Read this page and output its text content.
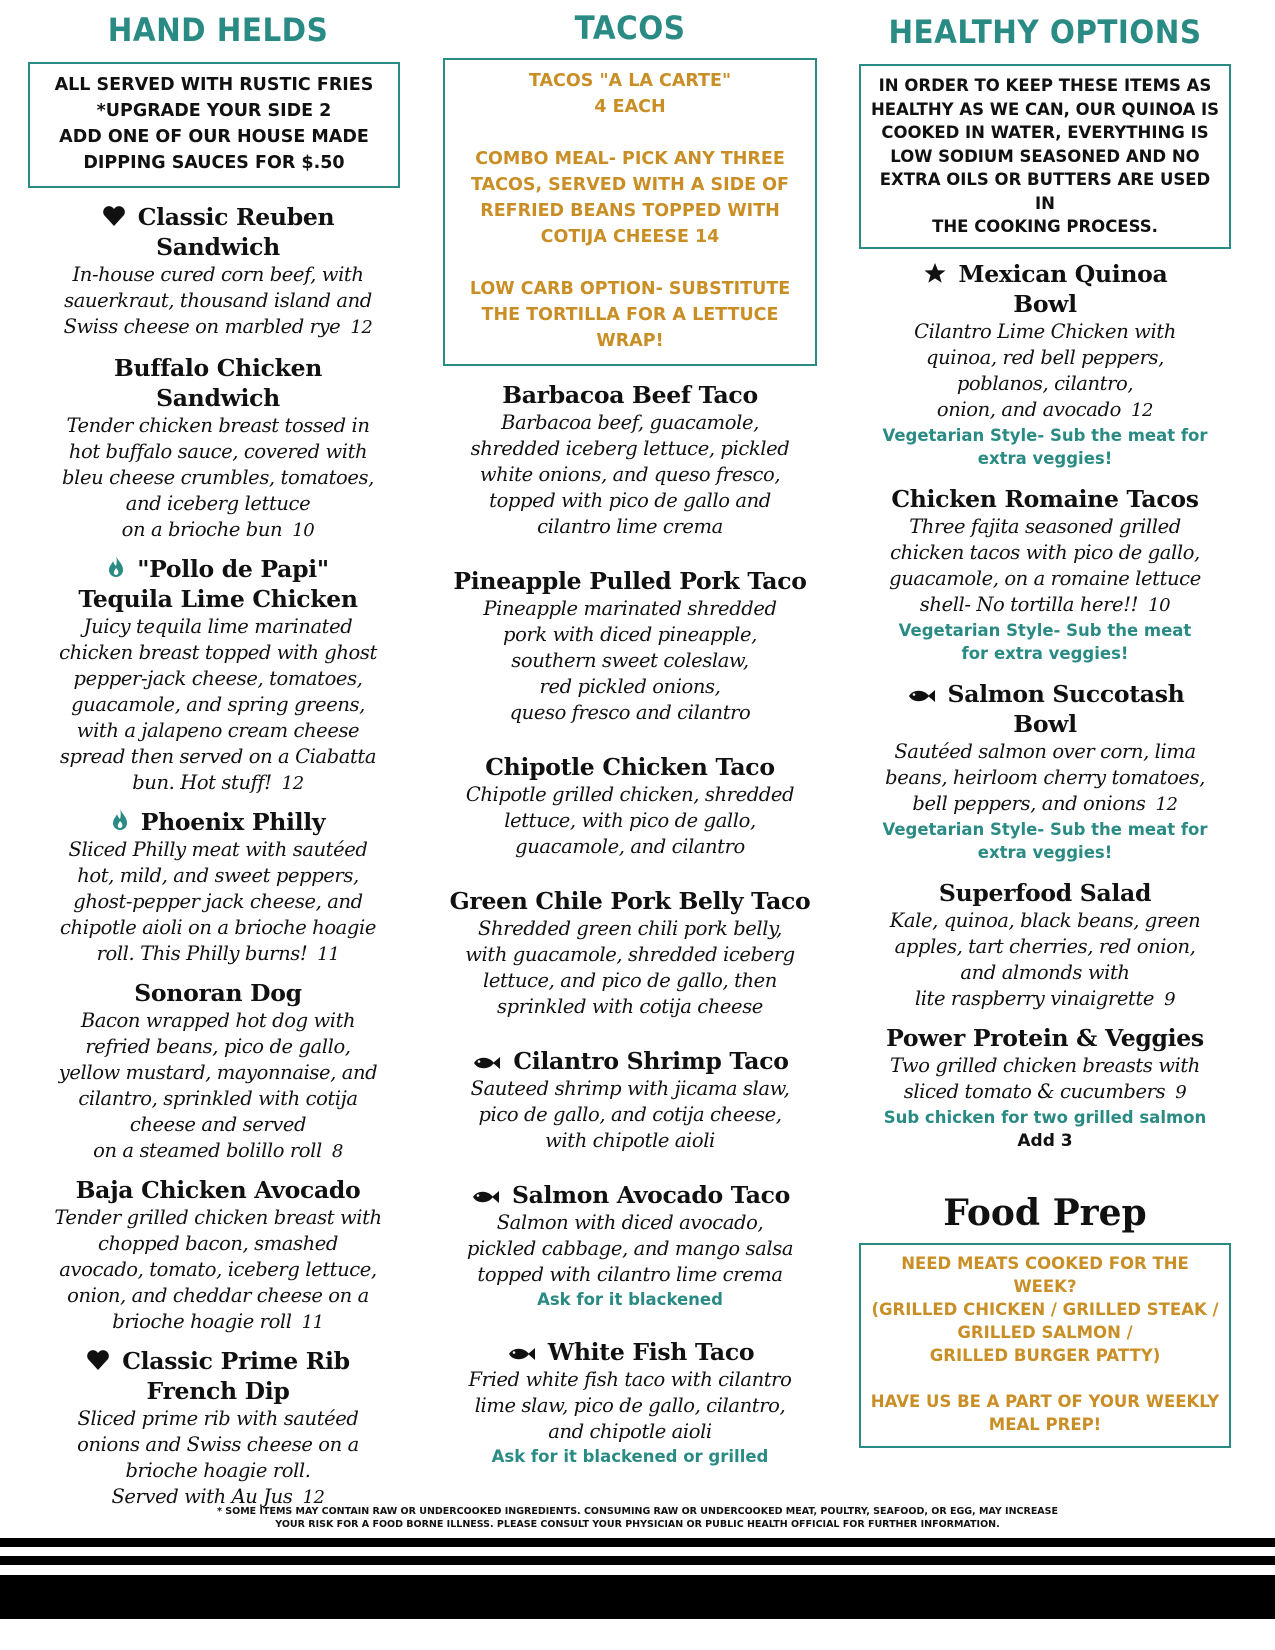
HAND HELDS
ALL SERVED WITH RUSTIC FRIES
*UPGRADE YOUR SIDE 2
ADD ONE OF OUR HOUSE MADE
DIPPING SAUCES FOR $.50
Classic Reuben
Sandwich
In-house cured corn beef, with
sauerkraut, thousand island and
Swiss cheese on marbled rye 12
Buffalo Chicken
Sandwich
Tender chicken breast tossed in
hot buffalo sauce, covered with
bleu cheese crumbles, tomatoes,
and iceberg lettuce
on a brioche bun 10
"Pollo de Papi"
Tequila Lime Chicken
Juicy tequila lime marinated
chicken breast topped with ghost
pepper-jack cheese, tomatoes,
guacamole, and spring greens,
with a jalapeno cream cheese
spread then served on a Ciabatta
bun. Hot stuff! 12
Phoenix Philly
Sliced Philly meat with sautéed
hot, mild, and sweet peppers,
ghost-pepper jack cheese, and
chipotle aioli on a brioche hoagie
roll. This Philly burns! 11
Sonoran Dog
Bacon wrapped hot dog with
refried beans, pico de gallo,
yellow mustard, mayonnaise, and
cilantro, sprinkled with cotija
cheese and served
on a steamed bolillo roll 8
Baja Chicken Avocado
Tender grilled chicken breast with
chopped bacon, smashed
avocado, tomato, iceberg lettuce,
onion, and cheddar cheese on a
brioche hoagie roll 11
Classic Prime Rib
French Dip
Sliced prime rib with sautéed
onions and Swiss cheese on a
brioche hoagie roll.
Served with Au Jus 12
TACOS

TACOS "A LA CARTE"
4 EACH

COMBO MEAL- PICK ANY THREE
TACOS, SERVED WITH A SIDE OF
REFRIED BEANS TOPPED WITH
COTIJA CHEESE 14

LOW CARB OPTION- SUBSTITUTE
THE TORTILLA FOR A LETTUCE
WRAP!

Barbacoa Beef Taco
Barbacoa beef, guacamole,
shredded iceberg lettuce, pickled
white onions, and queso fresco,
topped with pico de gallo and
cilantro lime crema
Pineapple Pulled Pork Taco
Pineapple marinated shredded
pork with diced pineapple,
southern sweet coleslaw,
red pickled onions,
queso fresco and cilantro
Chipotle Chicken Taco
Chipotle grilled chicken, shredded
lettuce, with pico de gallo,
guacamole, and cilantro
Green Chile Pork Belly Taco
Shredded green chili pork belly,
with guacamole, shredded iceberg
lettuce, and pico de gallo, then
sprinkled with cotija cheese
Cilantro Shrimp Taco
Sauteed shrimp with jicama slaw,
pico de gallo, and cotija cheese,
with chipotle aioli
Salmon Avocado Taco
Salmon with diced avocado,
pickled cabbage, and mango salsa
topped with cilantro lime crema
Ask for it blackened
White Fish Taco
Fried white fish taco with cilantro
lime slaw, pico de gallo, cilantro,
and chipotle aioli
Ask for it blackened or grilled
HEALTHY OPTIONS
IN ORDER TO KEEP THESE ITEMS AS
HEALTHY AS WE CAN, OUR QUINOA IS
COOKED IN WATER, EVERYTHING IS
LOW SODIUM SEASONED AND NO
EXTRA OILS OR BUTTERS ARE USED IN
THE COOKING PROCESS.
Mexican Quinoa
Bowl
Cilantro Lime Chicken with
quinoa, red bell peppers,
poblanos, cilantro,
onion, and avocado 12
Vegetarian Style- Sub the meat for
extra veggies!
Chicken Romaine Tacos
Three fajita seasoned grilled
chicken tacos with pico de gallo,
guacamole, on a romaine lettuce
shell- No tortilla here!! 10
Vegetarian Style- Sub the meat
for extra veggies!
Salmon Succotash
Bowl
Sautéed salmon over corn, lima
beans, heirloom cherry tomatoes,
bell peppers, and onions 12
Vegetarian Style- Sub the meat for
extra veggies!
Superfood Salad
Kale, quinoa, black beans, green
apples, tart cherries, red onion,
and almonds with
lite raspberry vinaigrette 9
Power Protein & Veggies
Two grilled chicken breasts with
sliced tomato & cucumbers 9
Sub chicken for two grilled salmon
Add 3
Food Prep

NEED MEATS COOKED FOR THE WEEK?
(GRILLED CHICKEN / GRILLED STEAK /
GRILLED SALMON /
GRILLED BURGER PATTY)

HAVE US BE A PART OF YOUR WEEKLY
MEAL PREP!

* SOME ITEMS MAY CONTAIN RAW OR UNDERCOOKED INGREDIENTS. CONSUMING RAW OR UNDERCOOKED MEAT, POULTRY, SEAFOOD, OR EGG, MAY INCREASE
YOUR RISK FOR A FOOD BORNE ILLNESS. PLEASE CONSULT YOUR PHYSICIAN OR PUBLIC HEALTH OFFICIAL FOR FURTHER INFORMATION.
